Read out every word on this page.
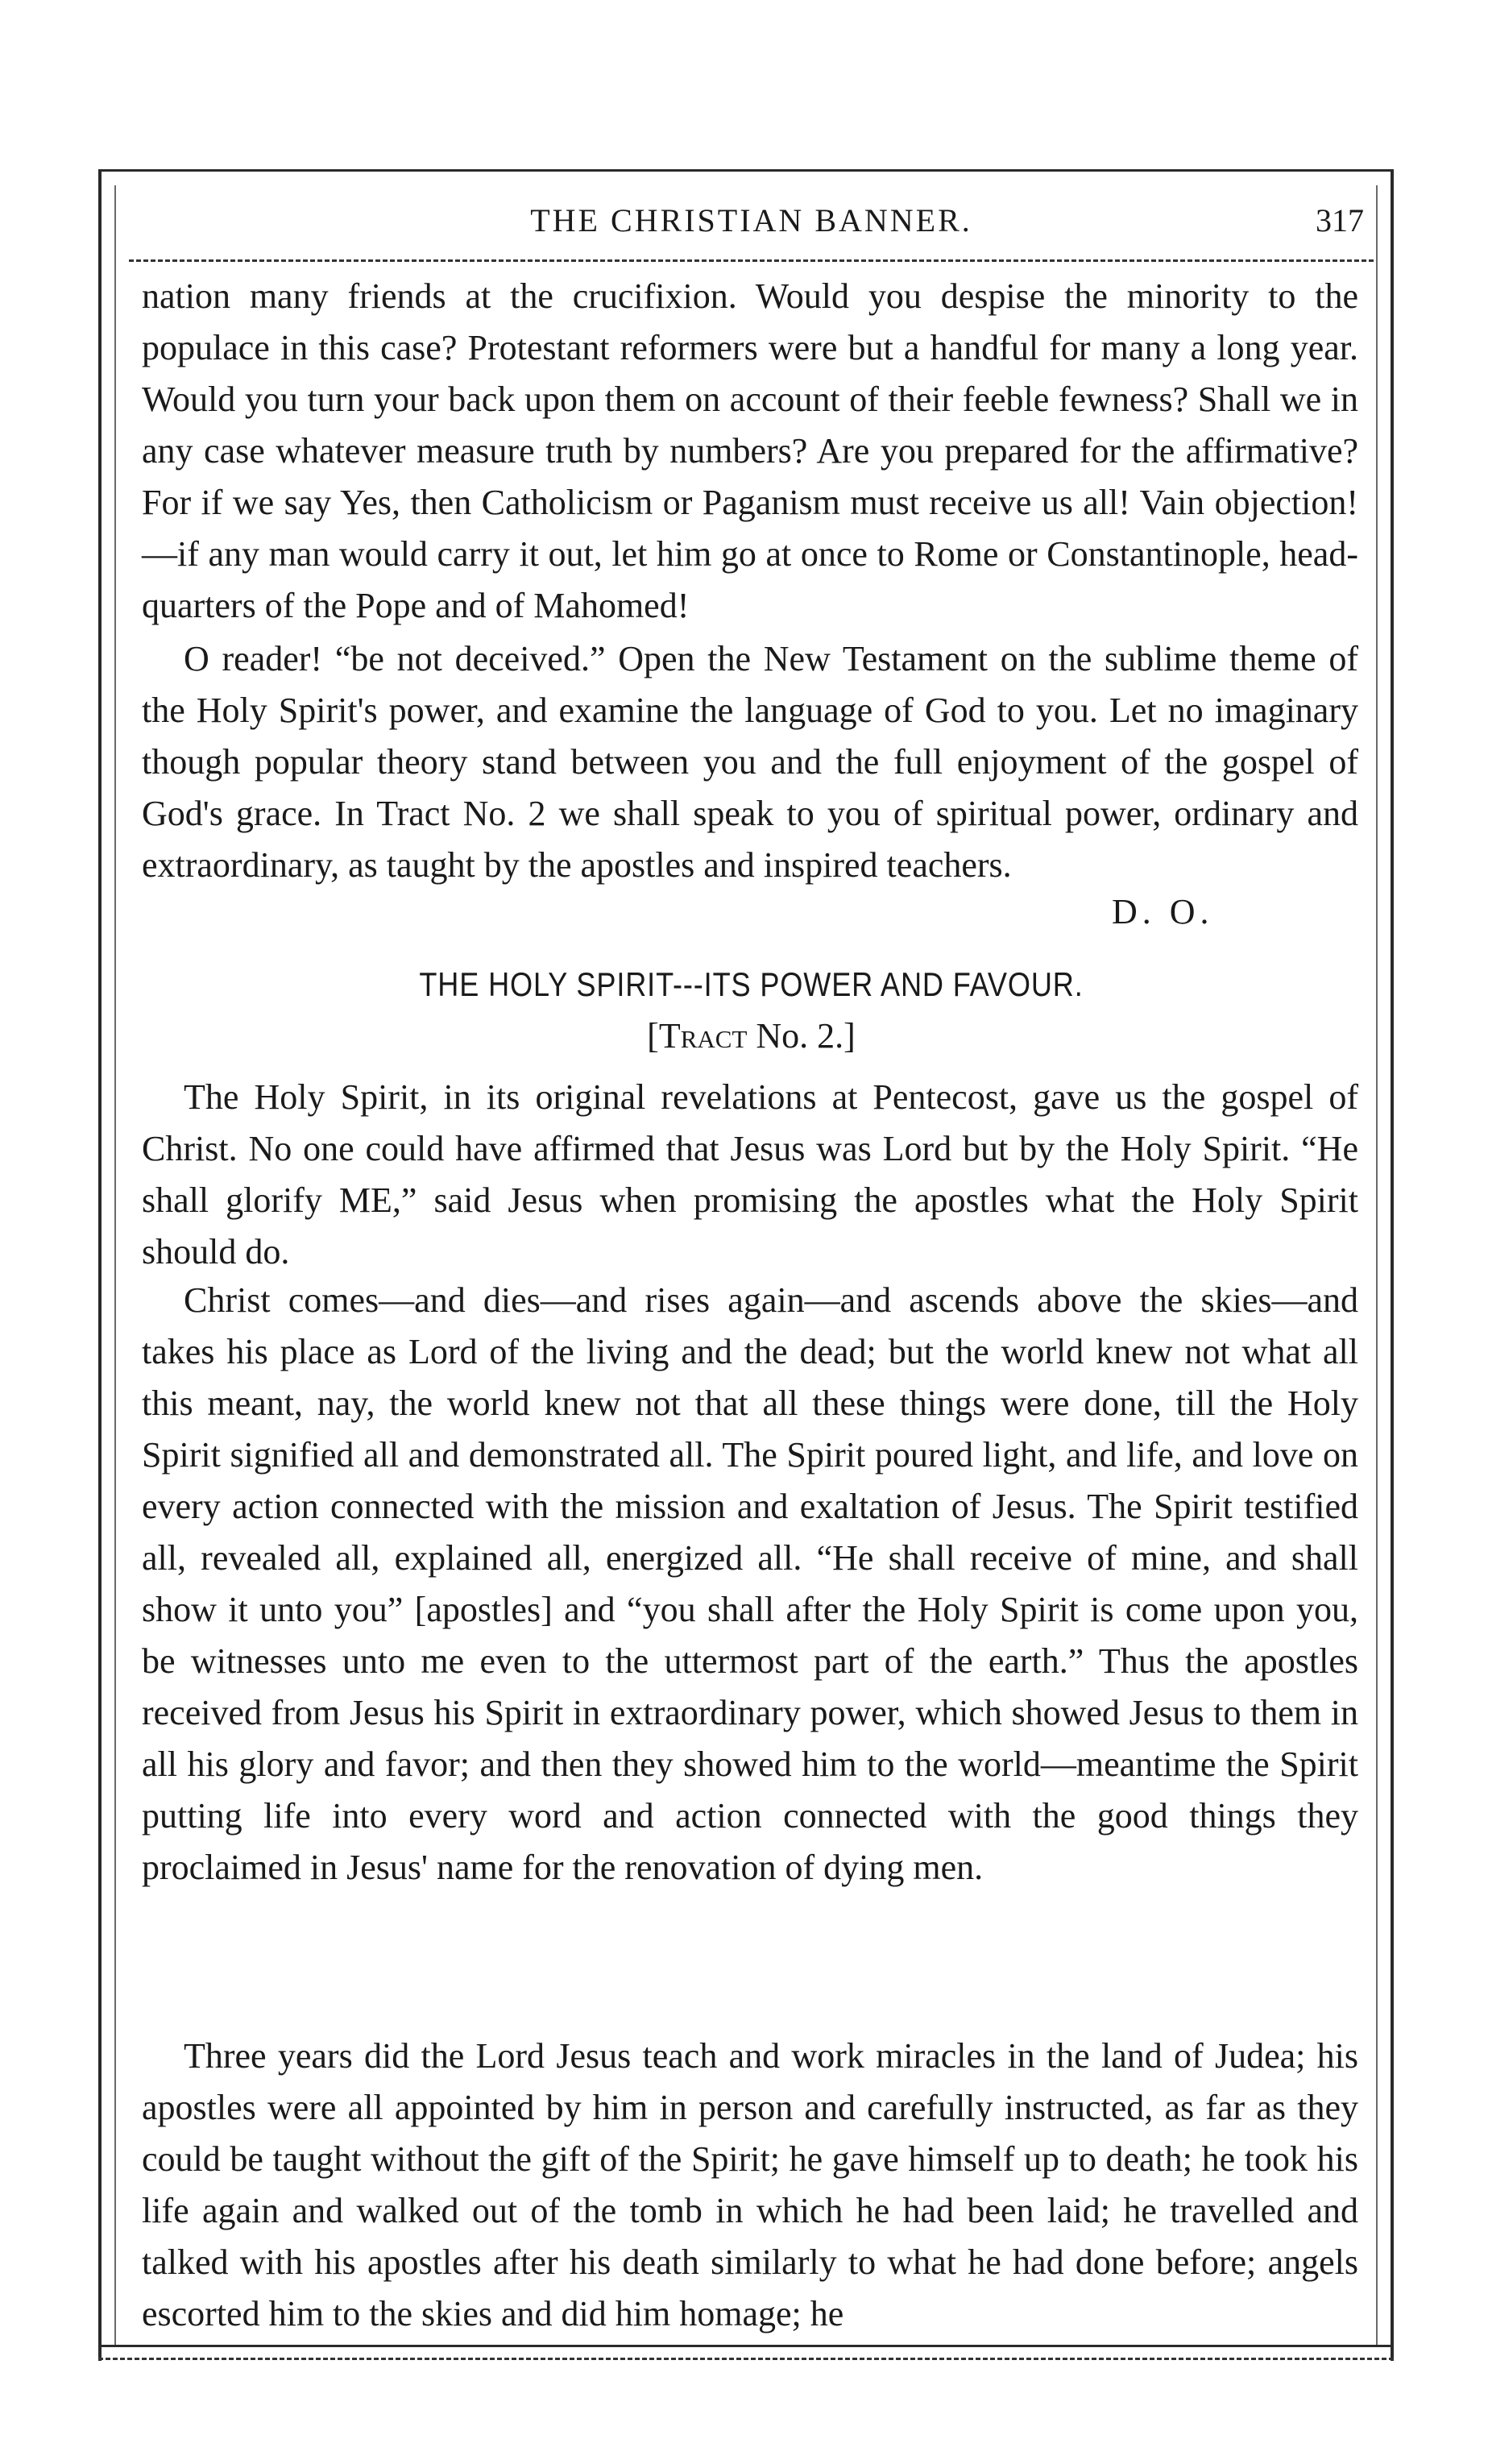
THE CHRISTIAN BANNER.	317

nation many friends at the crucifixion. Would you despise the minority to the populace in this case? Protestant reformers were but a handful for many a long year. Would you turn your back upon them on account of their feeble fewness? Shall we in any case whatever measure truth by numbers? Are you prepared for the affirmative? For if we say Yes, then Catholicism or Paganism must receive us all! Vain objection!—if any man would carry it out, let him go at once to Rome or Constantinople, head-quarters of the Pope and of Mahomed!

O reader! “be not deceived.” Open the New Testament on the sublime theme of the Holy Spirit's power, and examine the language of God to you. Let no imaginary though popular theory stand between you and the full enjoyment of the gospel of God's grace. In Tract No. 2 we shall speak to you of spiritual power, ordinary and extraordinary, as taught by the apostles and inspired teachers.

D. O.
THE HOLY SPIRIT---ITS POWER AND FAVOUR.
[Tract No. 2.]

The Holy Spirit, in its original revelations at Pentecost, gave us the gospel of Christ. No one could have affirmed that Jesus was Lord but by the Holy Spirit. “He shall glorify ME,” said Jesus when promising the apostles what the Holy Spirit should do.

Christ comes—and dies—and rises again—and ascends above the skies—and takes his place as Lord of the living and the dead; but the world knew not what all this meant, nay, the world knew not that all these things were done, till the Holy Spirit signified all and demonstrated all. The Spirit poured light, and life, and love on every action connected with the mission and exaltation of Jesus. The Spirit testified all, revealed all, explained all, energized all. “He shall receive of mine, and shall show it unto you” [apostles] and “you shall after the Holy Spirit is come upon you, be witnesses unto me even to the uttermost part of the earth.” Thus the apostles received from Jesus his Spirit in extraordinary power, which showed Jesus to them in all his glory and favor; and then they showed him to the world—meantime the Spirit putting life into every word and action connected with the good things they proclaimed in Jesus' name for the renovation of dying men.

Three years did the Lord Jesus teach and work miracles in the land of Judea; his apostles were all appointed by him in person and carefully instructed, as far as they could be taught without the gift of the Spirit; he gave himself up to death; he took his life again and walked out of the tomb in which he had been laid; he travelled and talked with his apostles after his death similarly to what he had done before; angels escorted him to the skies and did him homage; he
